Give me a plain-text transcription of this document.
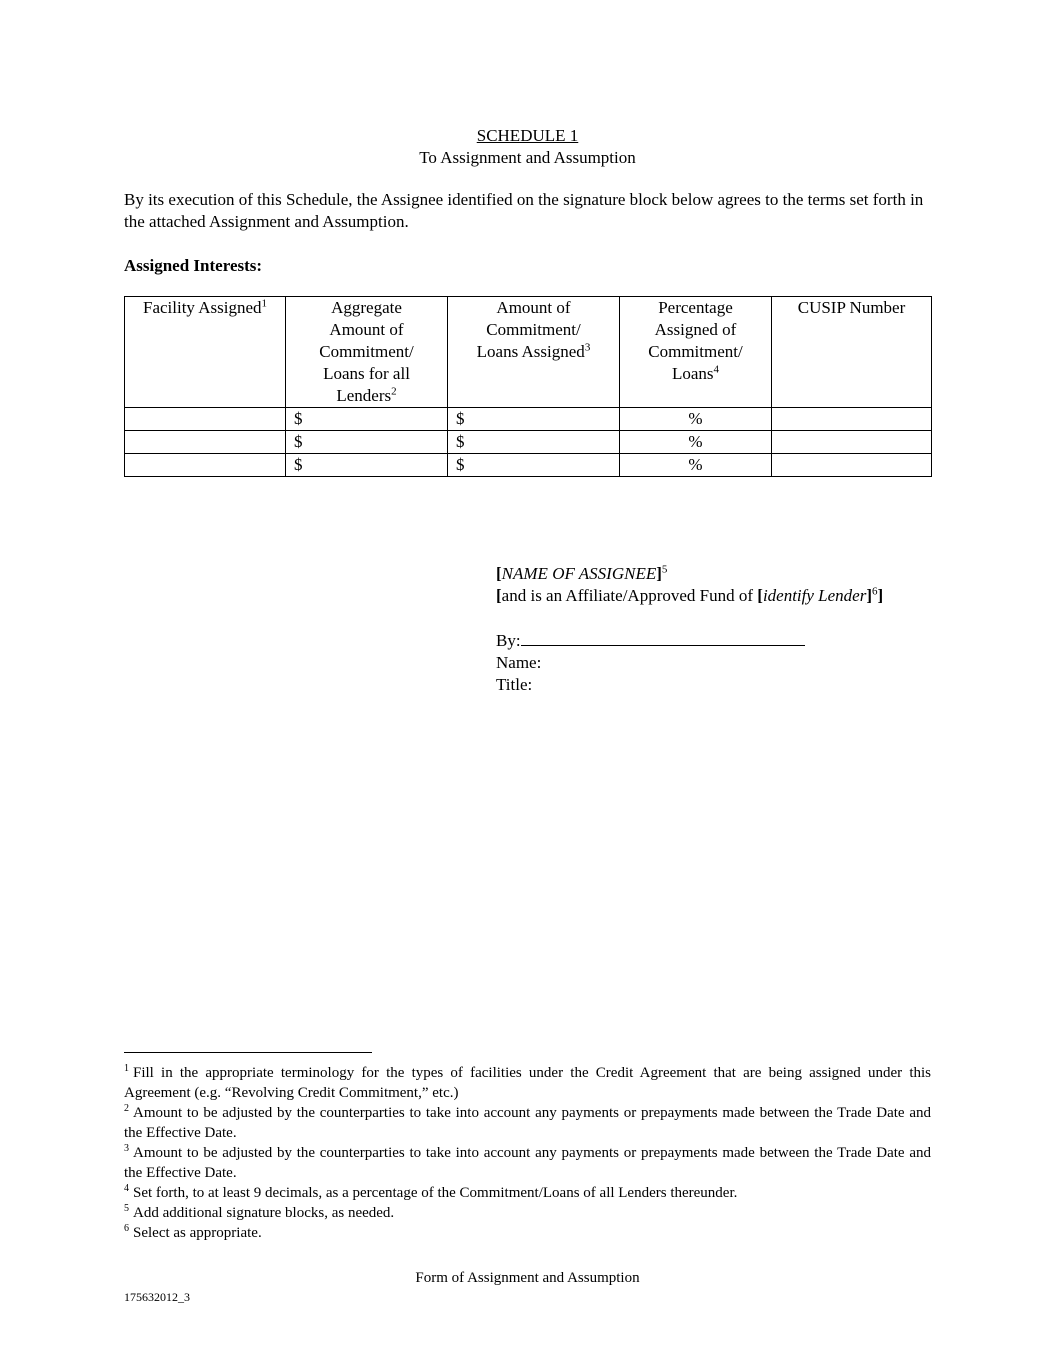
SCHEDULE 1
To Assignment and Assumption
By its execution of this Schedule, the Assignee identified on the signature block below agrees to the terms set forth in the attached Assignment and Assumption.
Assigned Interests:
Facility Assigned$^1$	Aggregate Amount of Commitment/ Loans for all Lenders$^2$	Amount of Commitment/ Loans Assigned$^3$	Percentage Assigned of Commitment/ Loans$^4$	CUSIP Number
	$	$	%	
	$	$	%	
	$	$	%	
[NAME OF ASSIGNEE]$^5$
[and is an Affiliate/Approved Fund of [identify Lender]$^6$]
By:
Name:
Title:

$^1$ Fill in the appropriate terminology for the types of facilities under the Credit Agreement that are being assigned under this Agreement (e.g. “Revolving Credit Commitment,” etc.)

$^2$ Amount to be adjusted by the counterparties to take into account any payments or prepayments made between the Trade Date and the Effective Date.

$^3$ Amount to be adjusted by the counterparties to take into account any payments or prepayments made between the Trade Date and the Effective Date.

$^4$ Set forth, to at least 9 decimals, as a percentage of the Commitment/Loans of all Lenders thereunder.

$^5$ Add additional signature blocks, as needed.

$^6$ Select as appropriate.

Form of Assignment and Assumption
175632012_3
